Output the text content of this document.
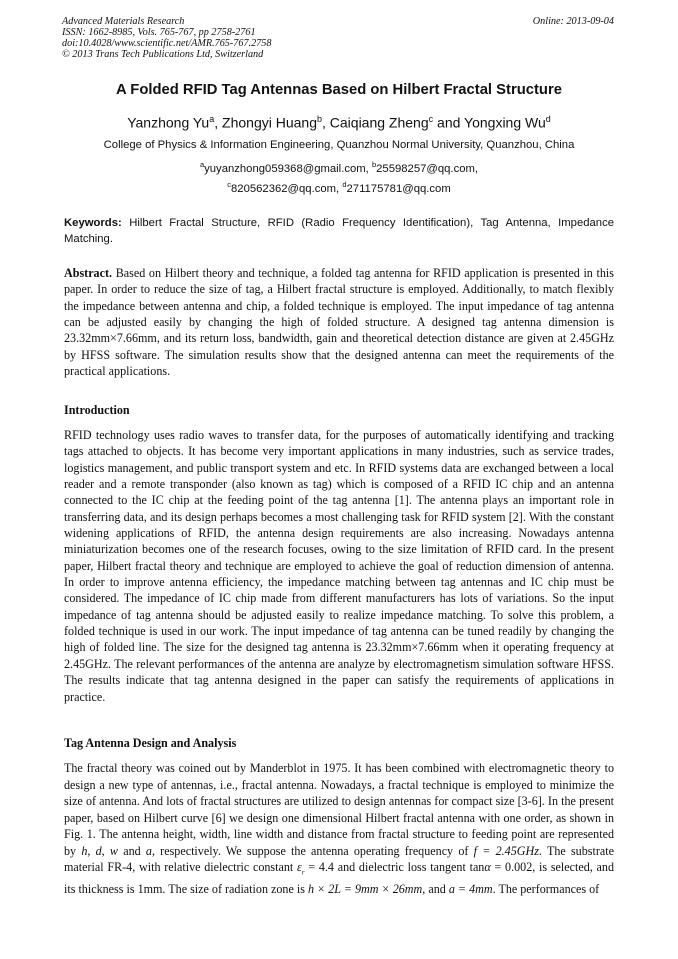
Advanced Materials Research
ISSN: 1662-8985, Vols. 765-767, pp 2758-2761
doi:10.4028/www.scientific.net/AMR.765-767.2758
© 2013 Trans Tech Publications Ltd, Switzerland
Online: 2013-09-04
A Folded RFID Tag Antennas Based on Hilbert Fractal Structure
Yanzhong Yu$^a$, Zhongyi Huang$^b$, Caiqiang Zheng$^c$ and Yongxing Wu$^d$
College of Physics & Information Engineering, Quanzhou Normal University, Quanzhou, China
$^a$yuyanzhong059368@gmail.com, $^b$25598257@qq.com,
$^c$820562362@qq.com, $^d$271175781@qq.com
Keywords: Hilbert Fractal Structure, RFID (Radio Frequency Identification), Tag Antenna, Impedance Matching.

Abstract. Based on Hilbert theory and technique, a folded tag antenna for RFID application is presented in this paper. In order to reduce the size of tag, a Hilbert fractal structure is employed. Additionally, to match flexibly the impedance between antenna and chip, a folded technique is employed. The input impedance of tag antenna can be adjusted easily by changing the high of folded structure. A designed tag antenna dimension is 23.32mm×7.66mm, and its return loss, bandwidth, gain and theoretical detection distance are given at 2.45GHz by HFSS software. The simulation results show that the designed antenna can meet the requirements of the practical applications.

Introduction

RFID technology uses radio waves to transfer data, for the purposes of automatically identifying and tracking tags attached to objects. It has become very important applications in many industries, such as service trades, logistics management, and public transport system and etc. In RFID systems data are exchanged between a local reader and a remote transponder (also known as tag) which is composed of a RFID IC chip and an antenna connected to the IC chip at the feeding point of the tag antenna [1]. The antenna plays an important role in transferring data, and its design perhaps becomes a most challenging task for RFID system [2]. With the constant widening applications of RFID, the antenna design requirements are also increasing. Nowadays antenna miniaturization becomes one of the research focuses, owing to the size limitation of RFID card. In the present paper, Hilbert fractal theory and technique are employed to achieve the goal of reduction dimension of antenna. In order to improve antenna efficiency, the impedance matching between tag antennas and IC chip must be considered. The impedance of IC chip made from different manufacturers has lots of variations. So the input impedance of tag antenna should be adjusted easily to realize impedance matching. To solve this problem, a folded technique is used in our work. The input impedance of tag antenna can be tuned readily by changing the high of folded line. The size for the designed tag antenna is 23.32mm×7.66mm when it operating frequency at 2.45GHz. The relevant performances of the antenna are analyze by electromagnetism simulation software HFSS. The results indicate that tag antenna designed in the paper can satisfy the requirements of applications in practice.

Tag Antenna Design and Analysis

The fractal theory was coined out by Manderblot in 1975. It has been combined with electromagnetic theory to design a new type of antennas, i.e., fractal antenna. Nowadays, a fractal technique is employed to minimize the size of antenna. And lots of fractal structures are utilized to design antennas for compact size [3-6]. In the present paper, based on Hilbert curve [6] we design one dimensional Hilbert fractal antenna with one order, as shown in Fig. 1. The antenna height, width, line width and distance from fractal structure to feeding point are represented by h, d, w and a, respectively. We suppose the antenna operating frequency of f = 2.45GHz. The substrate material FR-4, with relative dielectric constant $\varepsilon_r = 4.4$ and dielectric loss tangent tanα = 0.002, is selected, and its thickness is 1mm. The size of radiation zone is h × 2L = 9mm × 26mm, and a = 4mm. The performances of
